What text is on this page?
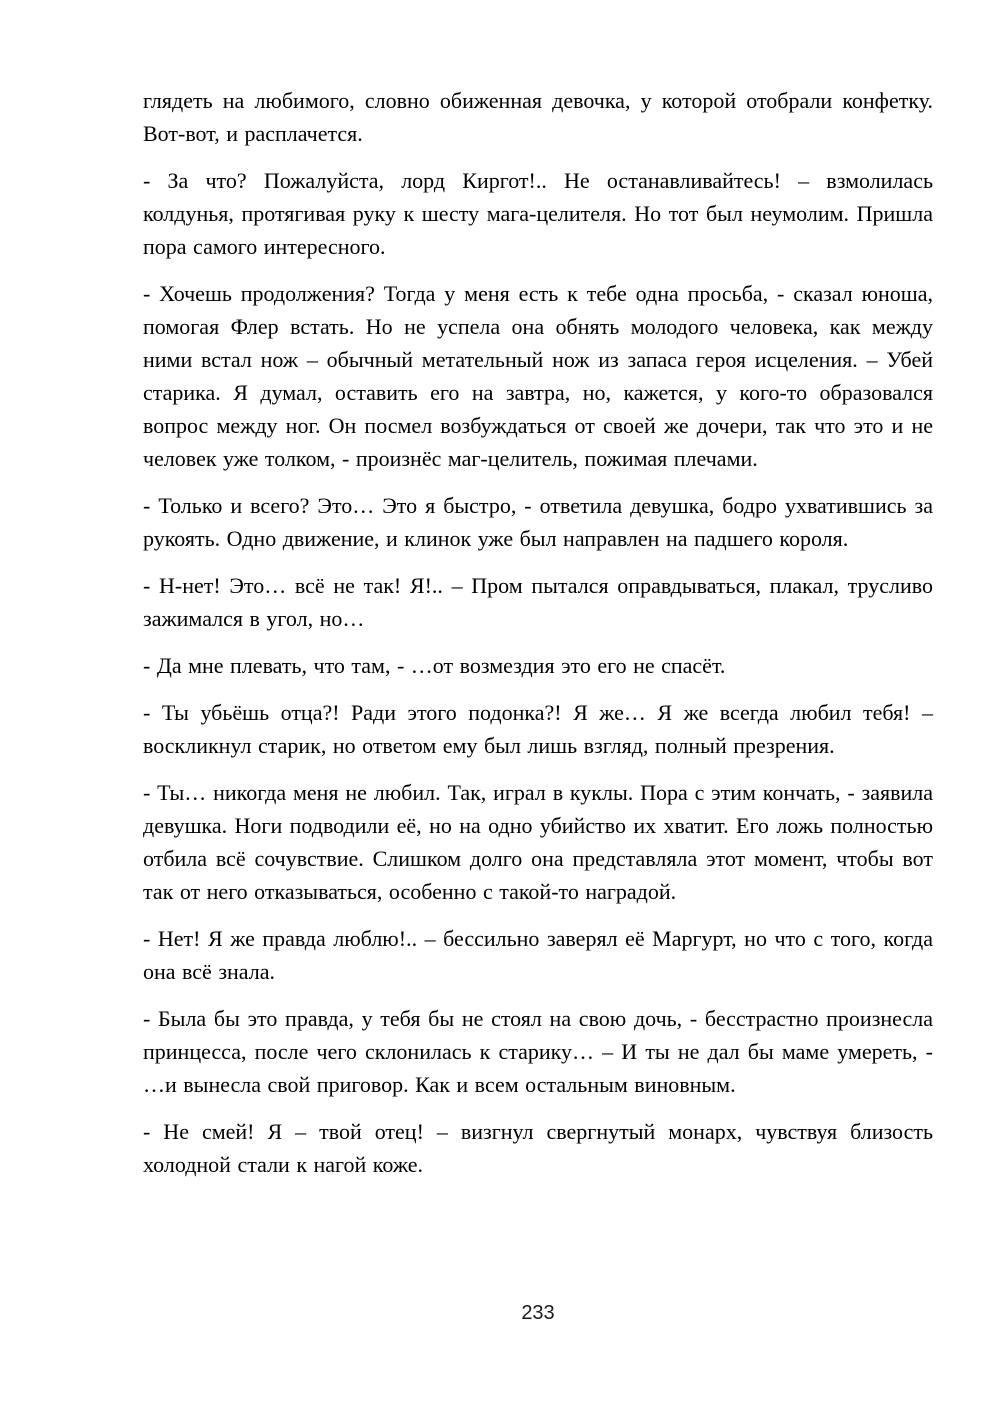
глядеть на любимого, словно обиженная девочка, у которой отобрали конфетку. Вот-вот, и расплачется.

- За что? Пожалуйста, лорд Киргот!.. Не останавливайтесь! – взмолилась колдунья, протягивая руку к шесту мага-целителя. Но тот был неумолим. Пришла пора самого интересного.

- Хочешь продолжения? Тогда у меня есть к тебе одна просьба, - сказал юноша, помогая Флер встать. Но не успела она обнять молодого человека, как между ними встал нож – обычный метательный нож из запаса героя исцеления. – Убей старика. Я думал, оставить его на завтра, но, кажется, у кого-то образовался вопрос между ног. Он посмел возбуждаться от своей же дочери, так что это и не человек уже толком, - произнёс маг-целитель, пожимая плечами.

- Только и всего? Это… Это я быстро, - ответила девушка, бодро ухватившись за рукоять. Одно движение, и клинок уже был направлен на падшего короля.

- Н-нет! Это… всё не так! Я!.. – Пром пытался оправдываться, плакал, трусливо зажимался в угол, но…

- Да мне плевать, что там, - …от возмездия это его не спасёт.

- Ты убьёшь отца?! Ради этого подонка?! Я же… Я же всегда любил тебя! – воскликнул старик, но ответом ему был лишь взгляд, полный презрения.

- Ты… никогда меня не любил. Так, играл в куклы. Пора с этим кончать, - заявила девушка. Ноги подводили её, но на одно убийство их хватит. Его ложь полностью отбила всё сочувствие. Слишком долго она представляла этот момент, чтобы вот так от него отказываться, особенно с такой-то наградой.

- Нет! Я же правда люблю!.. – бессильно заверял её Маргурт, но что с того, когда она всё знала.

- Была бы это правда, у тебя бы не стоял на свою дочь, - бесстрастно произнесла принцесса, после чего склонилась к старику… – И ты не дал бы маме умереть, - …и вынесла свой приговор. Как и всем остальным виновным.

- Не смей! Я – твой отец! – визгнул свергнутый монарх, чувствуя близость холодной стали к нагой коже.

233
